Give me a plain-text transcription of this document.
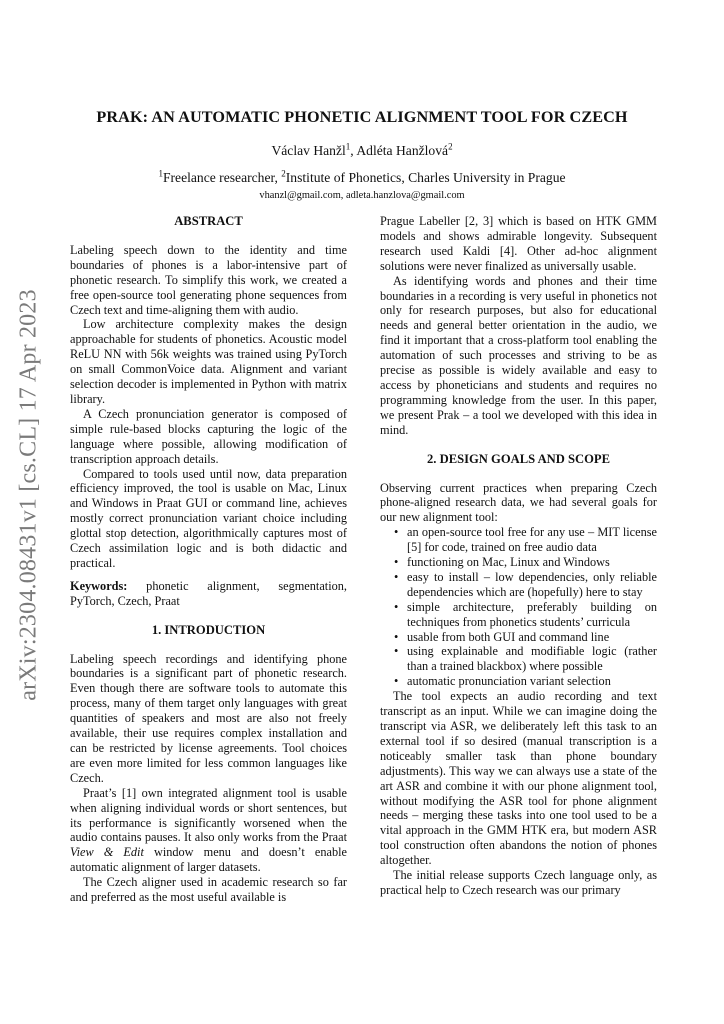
arXiv:2304.08431v1 [cs.CL] 17 Apr 2023
PRAK: AN AUTOMATIC PHONETIC ALIGNMENT TOOL FOR CZECH
Václav Hanžl$^1$, Adléta Hanžlová$^2$
$^1$Freelance researcher, $^2$Institute of Phonetics, Charles University in Prague
vhanzl@gmail.com, adleta.hanzlova@gmail.com
ABSTRACT

Labeling speech down to the identity and time boundaries of phones is a labor-intensive part of phonetic research. To simplify this work, we created a free open-source tool generating phone sequences from Czech text and time-aligning them with audio.

Low architecture complexity makes the design approachable for students of phonetics. Acoustic model ReLU NN with 56k weights was trained using PyTorch on small CommonVoice data. Alignment and variant selection decoder is implemented in Python with matrix library.

A Czech pronunciation generator is composed of simple rule-based blocks capturing the logic of the language where possible, allowing modification of transcription approach details.

Compared to tools used until now, data preparation efficiency improved, the tool is usable on Mac, Linux and Windows in Praat GUI or command line, achieves mostly correct pronunciation variant choice including glottal stop detection, algorithmically captures most of Czech assimilation logic and is both didactic and practical.

Keywords: phonetic alignment, segmentation, PyTorch, Czech, Praat

1. INTRODUCTION

Labeling speech recordings and identifying phone boundaries is a significant part of phonetic research. Even though there are software tools to automate this process, many of them target only languages with great quantities of speakers and most are also not freely available, their use requires complex installation and can be restricted by license agreements. Tool choices are even more limited for less common languages like Czech.

Praat’s [1] own integrated alignment tool is usable when aligning individual words or short sentences, but its performance is significantly worsened when the audio contains pauses. It also only works from the Praat View & Edit window menu and doesn’t enable automatic alignment of larger datasets.

The Czech aligner used in academic research so far and preferred as the most useful available is

Prague Labeller [2, 3] which is based on HTK GMM models and shows admirable longevity. Subsequent research used Kaldi [4]. Other ad-hoc alignment solutions were never finalized as universally usable.

As identifying words and phones and their time boundaries in a recording is very useful in phonetics not only for research purposes, but also for educational needs and general better orientation in the audio, we find it important that a cross-platform tool enabling the automation of such processes and striving to be as precise as possible is widely available and easy to access by phoneticians and students and requires no programming knowledge from the user. In this paper, we present Prak – a tool we developed with this idea in mind.

2. DESIGN GOALS AND SCOPE

Observing current practices when preparing Czech phone-aligned research data, we had several goals for our new alignment tool:

• an open-source tool free for any use – MIT license [5] for code, trained on free audio data
• functioning on Mac, Linux and Windows
• easy to install – low dependencies, only reliable dependencies which are (hopefully) here to stay
• simple architecture, preferably building on techniques from phonetics students’ curricula
• usable from both GUI and command line
• using explainable and modifiable logic (rather than a trained blackbox) where possible
• automatic pronunciation variant selection

The tool expects an audio recording and text transcript as an input. While we can imagine doing the transcript via ASR, we deliberately left this task to an external tool if so desired (manual transcription is a noticeably smaller task than phone boundary adjustments). This way we can always use a state of the art ASR and combine it with our phone alignment tool, without modifying the ASR tool for phone alignment needs – merging these tasks into one tool used to be a vital approach in the GMM HTK era, but modern ASR tool construction often abandons the notion of phones altogether.

The initial release supports Czech language only, as practical help to Czech research was our primary
